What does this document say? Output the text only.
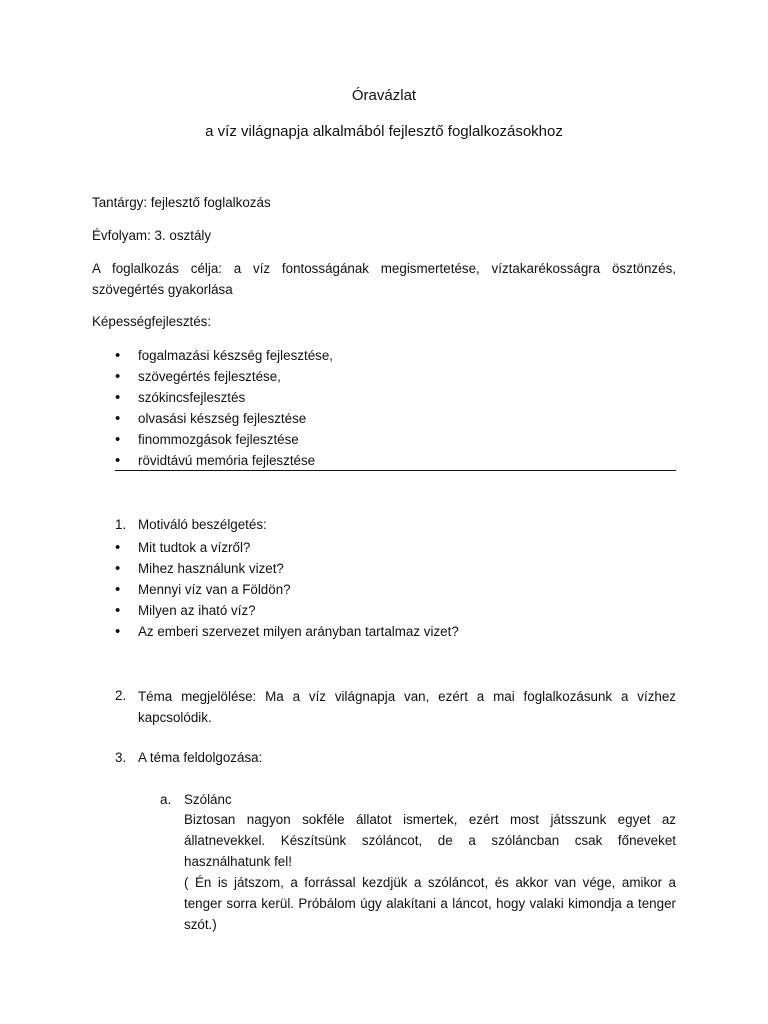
Óravázlat
a víz világnapja alkalmából fejlesztő foglalkozásokhoz
Tantárgy: fejlesztő foglalkozás
Évfolyam: 3. osztály
A foglalkozás célja: a víz fontosságának megismertetése, víztakarékosságra ösztönzés, szövegértés gyakorlása
Képességfejlesztés:
•
fogalmazási készség fejlesztése,
•
szövegértés fejlesztése,
•
szókincsfejlesztés
•
olvasási készség fejlesztése
•
finommozgások fejlesztése
•
rövidtávú memória fejlesztése
1. Motiváló beszélgetés:
•
Mit tudtok a vízről?
•
Mihez használunk vizet?
•
Mennyi víz van a Földön?
•
Milyen az iható víz?
•
Az emberi szervezet milyen arányban tartalmaz vizet?
2. Téma megjelölése: Ma a víz világnapja van, ezért a mai foglalkozásunk a vízhez kapcsolódik.
3. A téma feldolgozása:
a. Szólánc
Biztosan nagyon sokféle állatot ismertek, ezért most játsszunk egyet az állatnevekkel. Készítsünk szóláncot, de a szóláncban csak főneveket használhatunk fel!
( Én is játszom, a forrással kezdjük a szóláncot, és akkor van vége, amikor a tenger sorra kerül. Próbálom úgy alakítani a láncot, hogy valaki kimondja a tenger szót.)
